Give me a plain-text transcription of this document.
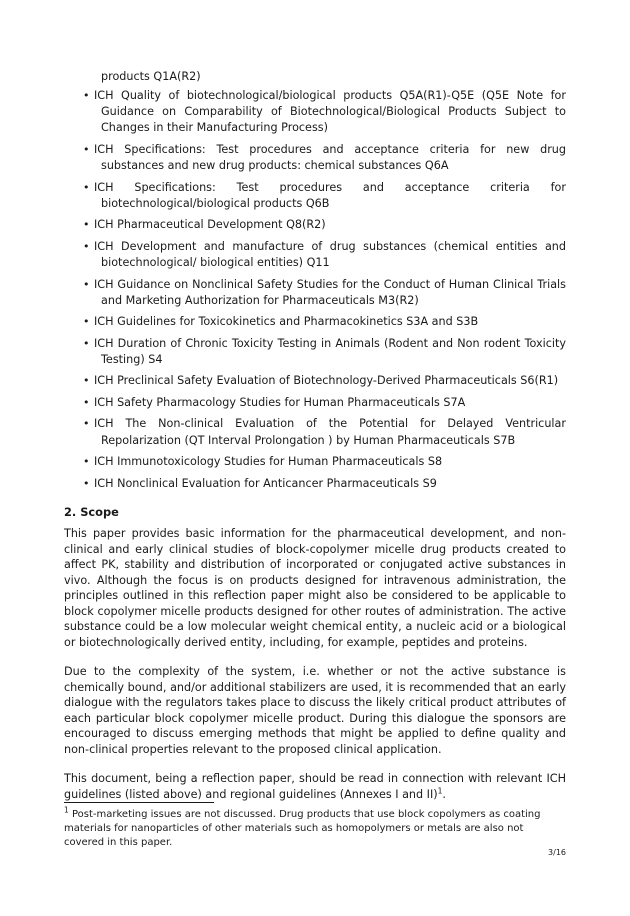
products Q1A(R2)

• ICH Quality of biotechnological/biological products Q5A(R1)-Q5E (Q5E Note for Guidance on Comparability of Biotechnological/Biological Products Subject to Changes in their Manufacturing Process)
• ICH Specifications: Test procedures and acceptance criteria for new drug substances and new drug products: chemical substances Q6A
• ICH Specifications: Test procedures and acceptance criteria for biotechnological/biological products Q6B
• ICH Pharmaceutical Development Q8(R2)
• ICH Development and manufacture of drug substances (chemical entities and biotechnological/ biological entities) Q11
• ICH Guidance on Nonclinical Safety Studies for the Conduct of Human Clinical Trials and Marketing Authorization for Pharmaceuticals M3(R2)
• ICH Guidelines for Toxicokinetics and Pharmacokinetics S3A and S3B
• ICH Duration of Chronic Toxicity Testing in Animals (Rodent and Non rodent Toxicity Testing) S4
• ICH Preclinical Safety Evaluation of Biotechnology-Derived Pharmaceuticals S6(R1)
• ICH Safety Pharmacology Studies for Human Pharmaceuticals S7A
• ICH The Non-clinical Evaluation of the Potential for Delayed Ventricular Repolarization (QT Interval Prolongation ) by Human Pharmaceuticals S7B
• ICH Immunotoxicology Studies for Human Pharmaceuticals S8
• ICH Nonclinical Evaluation for Anticancer Pharmaceuticals S9
2. Scope

This paper provides basic information for the pharmaceutical development, and non-clinical and early clinical studies of block-copolymer micelle drug products created to affect PK, stability and distribution of incorporated or conjugated active substances in vivo. Although the focus is on products designed for intravenous administration, the principles outlined in this reflection paper might also be considered to be applicable to block copolymer micelle products designed for other routes of administration. The active substance could be a low molecular weight chemical entity, a nucleic acid or a biological or biotechnologically derived entity, including, for example, peptides and proteins.

Due to the complexity of the system, i.e. whether or not the active substance is chemically bound, and/or additional stabilizers are used, it is recommended that an early dialogue with the regulators takes place to discuss the likely critical product attributes of each particular block copolymer micelle product. During this dialogue the sponsors are encouraged to discuss emerging methods that might be applied to define quality and non-clinical properties relevant to the proposed clinical application.

This document, being a reflection paper, should be read in connection with relevant ICH guidelines (listed above) and regional guidelines (Annexes I and II)$^1$.

$^1$ Post-marketing issues are not discussed. Drug products that use block copolymers as coating materials for nanoparticles of other materials such as homopolymers or metals are also not covered in this paper.

3/16
